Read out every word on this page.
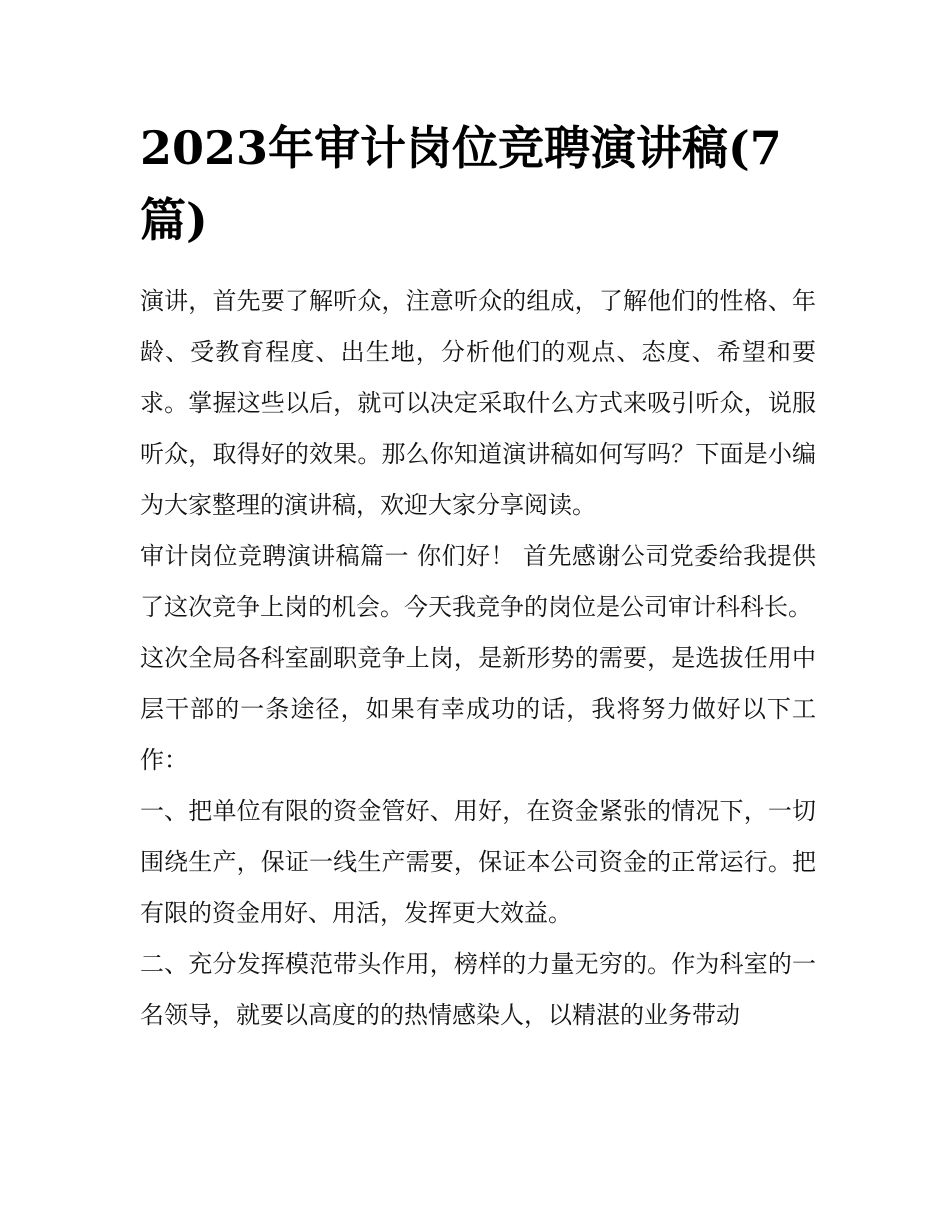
2023年审计岗位竞聘演讲稿(7篇)

演讲，首先要了解听众，注意听众的组成，了解他们的性格、年龄、受教育程度、出生地，分析他们的观点、态度、希望和要求。掌握这些以后，就可以决定采取什么方式来吸引听众，说服听众，取得好的效果。那么你知道演讲稿如何写吗？下面是小编为大家整理的演讲稿，欢迎大家分享阅读。

审计岗位竞聘演讲稿篇一 你们好！ 首先感谢公司党委给我提供了这次竞争上岗的机会。今天我竞争的岗位是公司审计科科长。

这次全局各科室副职竞争上岗，是新形势的需要，是选拔任用中层干部的一条途径，如果有幸成功的话，我将努力做好以下工作：

一、把单位有限的资金管好、用好，在资金紧张的情况下，一切围绕生产，保证一线生产需要，保证本公司资金的正常运行。把有限的资金用好、用活，发挥更大效益。

二、充分发挥模范带头作用，榜样的力量无穷的。作为科室的一名领导，就要以高度的的热情感染人，以精湛的业务带动
